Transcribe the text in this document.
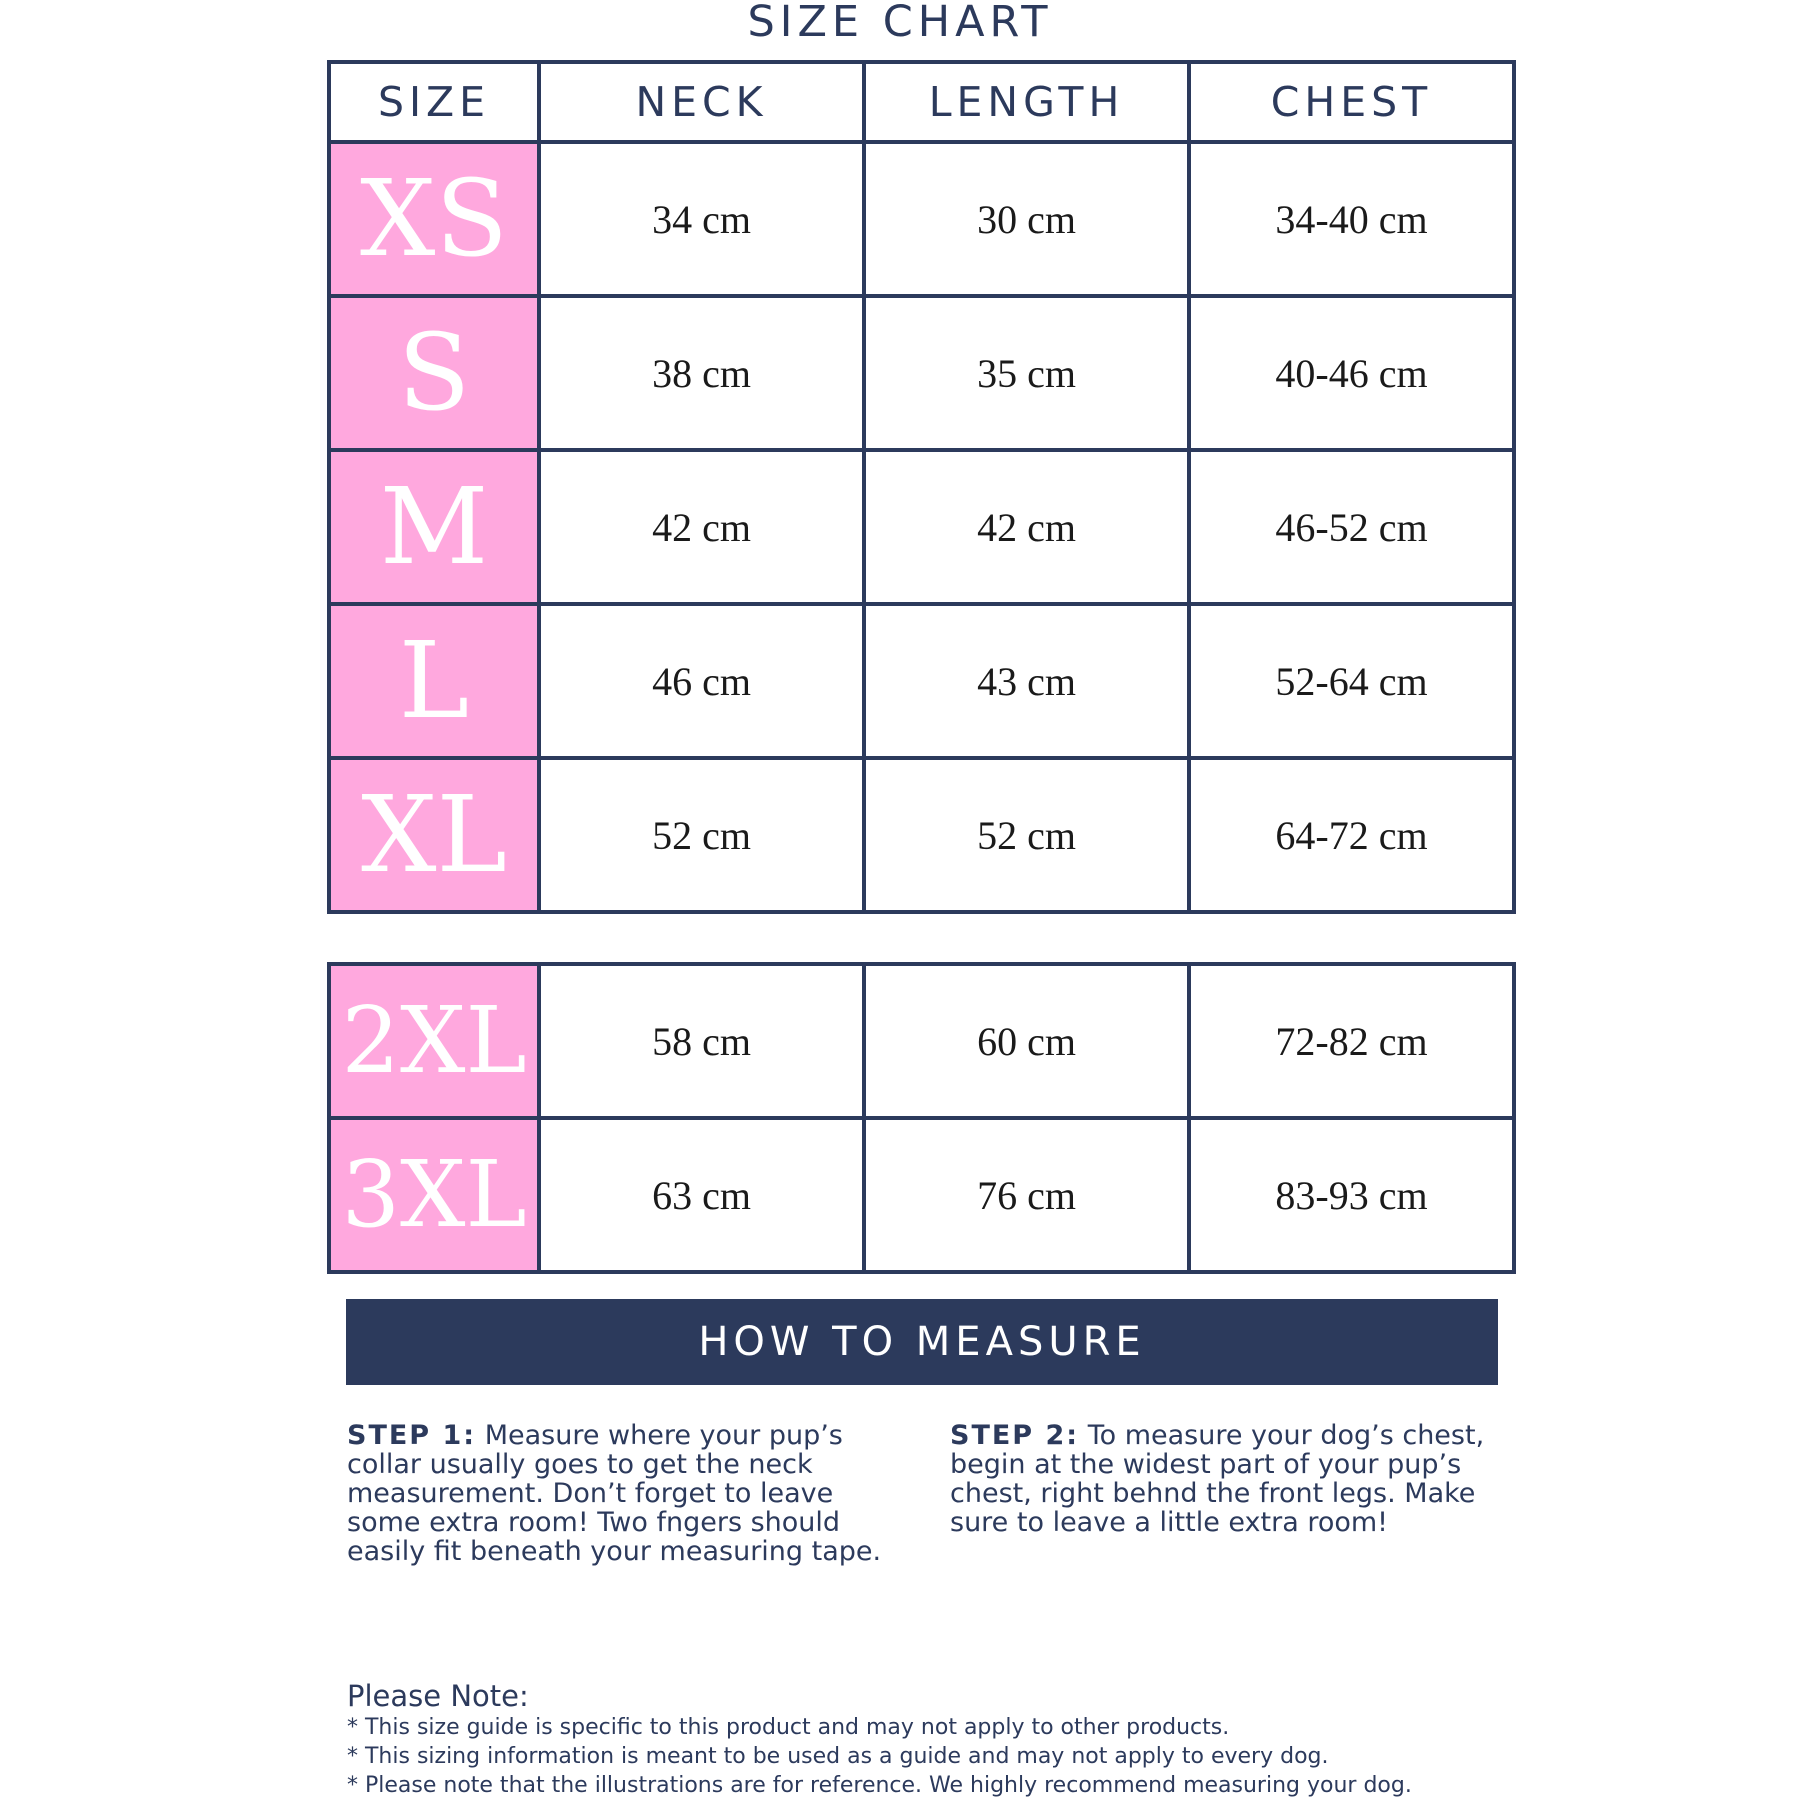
SIZE CHART
SIZE	NECK	LENGTH	CHEST
XS	34 cm	30 cm	34-40 cm
S	38 cm	35 cm	40-46 cm
M	42 cm	42 cm	46-52 cm
L	46 cm	43 cm	52-64 cm
XL	52 cm	52 cm	64-72 cm
2XL	58 cm	60 cm	72-82 cm
3XL	63 cm	76 cm	83-93 cm
HOW TO MEASURE
STEP 1: Measure where your pup’s collar usually goes to get the neck measurement. Don’t forget to leave some extra room! Two fngers should easily fit beneath your measuring tape.
STEP 2: To measure your dog’s chest, begin at the widest part of your pup’s chest, right behnd the front legs. Make sure to leave a little extra room!
Please Note:
* This size guide is specific to this product and may not apply to other products.
* This sizing information is meant to be used as a guide and may not apply to every dog.
* Please note that the illustrations are for reference. We highly recommend measuring your dog.
